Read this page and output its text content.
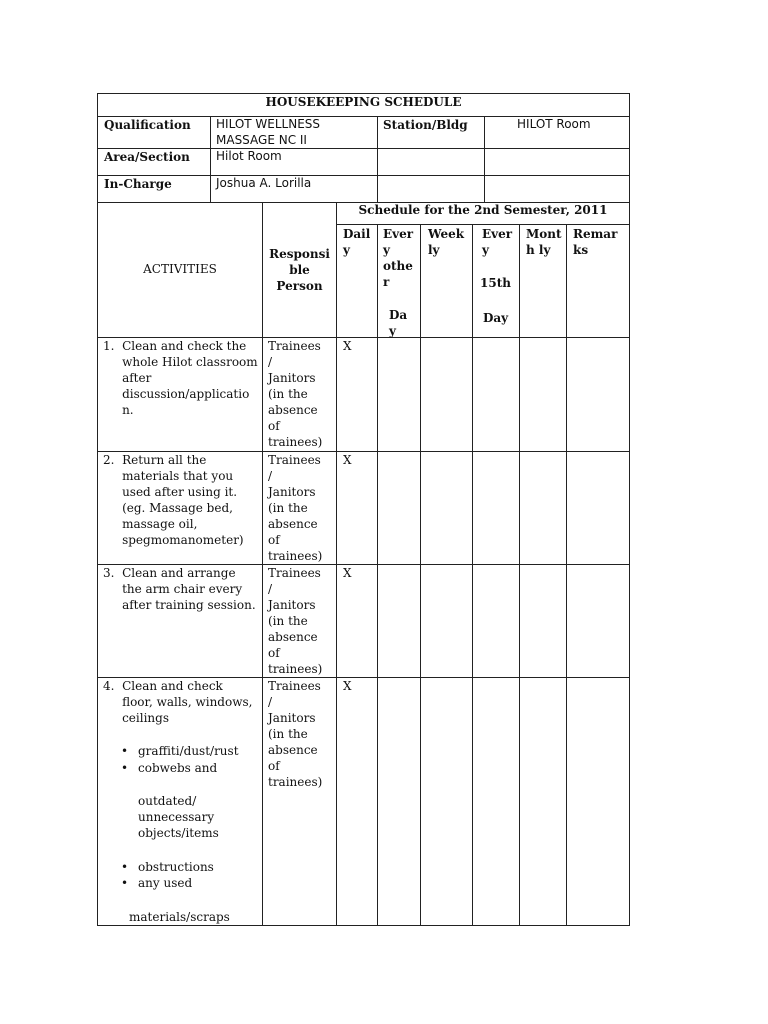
HOUSEKEEPING SCHEDULE
Qualification HILOT WELLNESS
MASSAGE NC II
Station/Bldg	HILOT Room
Area/Section Hilot Room
In-Charge	Joshua A. Lorilla
Schedule for the 2nd Semester, 2011
ACTIVITIES
Responsi
ble
Person
Dail
y
Ever
y
othe
r
Da
y
Week
ly
Ever
y
15th
Day
Mont
h ly
Remar
ks
1.  Clean and check the
whole Hilot classroom
after
discussion/applicatio
n.
Trainees
/
Janitors
(in the
absence
of
trainees)
X
2.  Return all the
materials that you
used after using it.
(eg. Massage bed,
massage oil,
spegmomanometer)
Trainees
/
Janitors
(in the
absence
of
trainees)
X
3.  Clean and arrange
the arm chair every
after training session.
Trainees
/
Janitors
(in the
absence
of
trainees)
X
4.  Clean and check
floor, walls, windows,
ceilings
Trainees
/
Janitors
(in the
absence
of
trainees)
X
• graffiti/dust/rust
• cobwebs and
outdated/
unnecessary
objects/items
• obstructions
• any used
materials/scraps
